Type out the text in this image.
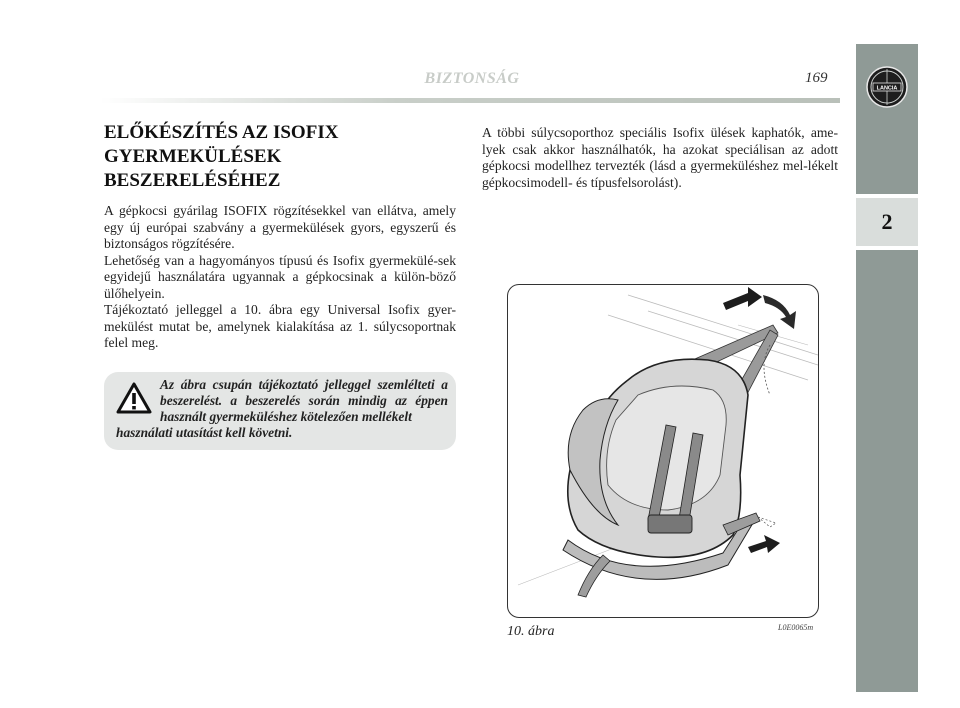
BIZTONSÁG	169
2
LANCIA
ELŐKÉSZÍTÉS AZ ISOFIX
GYERMEKÜLÉSEK
BESZERELÉSÉHEZ

A gépkocsi gyárilag ISOFIX rögzítésekkel van ellátva, amely egy új európai szabvány a gyermekülések gyors, egyszerű és biztonságos rögzítésére.

Lehetőség van a hagyományos típusú és Isofix gyermekülé-sek egyidejű használatára ugyannak a gépkocsinak a külön-böző ülőhelyein.

Tájékoztató jelleggel a 10. ábra egy Universal Isofix gyer-mekülést mutat be, amelynek kialakítása az 1. súlycsoportnak felel meg.

Az ábra csupán tájékoztató jelleggel szemlélteti a beszerelést. a beszerelés során mindig az éppen használt gyermeküléshez kötelezően mellékelt
használati utasítást kell követni.
A többi súlycsoporthoz speciális Isofix ülések kaphatók, ame-lyek csak akkor használhatók, ha azokat speciálisan az adott gépkocsi modellhez tervezték (lásd a gyermeküléshez mel-lékelt gépkocsimodell- és típusfelsorolást).
10. ábra	L0E0065m
